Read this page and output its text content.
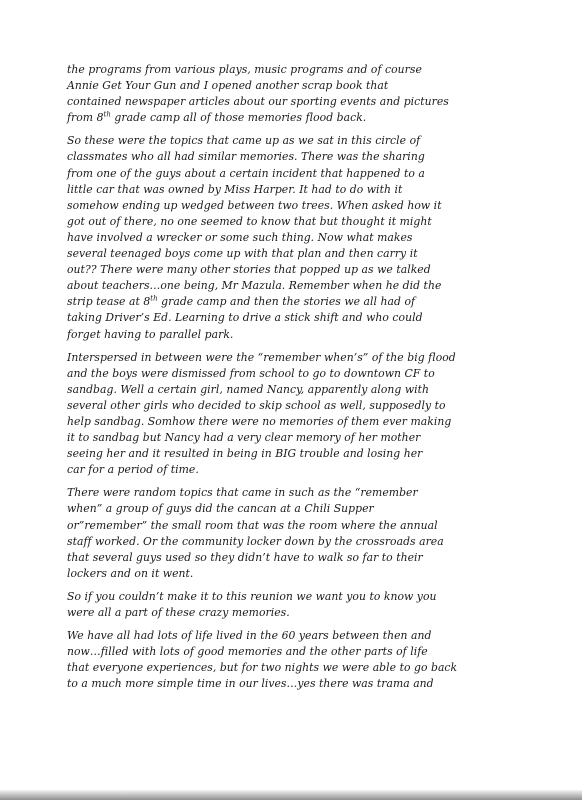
the programs from various plays, music programs and of course
Annie Get Your Gun and I opened another scrap book that
contained newspaper articles about our sporting events and pictures
from 8th grade camp all of those memories flood back.
So these were the topics that came up as we sat in this circle of
classmates who all had similar memories. There was the sharing
from one of the guys about a certain incident that happened to a
little car that was owned by Miss Harper. It had to do with it
somehow ending up wedged between two trees. When asked how it
got out of there, no one seemed to know that but thought it might
have involved a wrecker or some such thing. Now what makes
several teenaged boys come up with that plan and then carry it
out?? There were many other stories that popped up as we talked
about teachers…one being, Mr Mazula. Remember when he did the
strip tease at 8th grade camp and then the stories we all had of
taking Driver’s Ed. Learning to drive a stick shift and who could
forget having to parallel park.
Interspersed in between were the “remember when’s” of the big flood
and the boys were dismissed from school to go to downtown CF to
sandbag. Well a certain girl, named Nancy, apparently along with
several other girls who decided to skip school as well, supposedly to
help sandbag. Somhow there were no memories of them ever making
it to sandbag but Nancy had a very clear memory of her mother
seeing her and it resulted in being in BIG trouble and losing her
car for a period of time.
There were random topics that came in such as the “remember
when” a group of guys did the cancan at a Chili Supper
or”remember” the small room that was the room where the annual
staff worked. Or the community locker down by the crossroads area
that several guys used so they didn’t have to walk so far to their
lockers and on it went.
So if you couldn’t make it to this reunion we want you to know you
were all a part of these crazy memories.
We have all had lots of life lived in the 60 years between then and
now…filled with lots of good memories and the other parts of life
that everyone experiences, but for two nights we were able to go back
to a much more simple time in our lives…yes there was trama and
